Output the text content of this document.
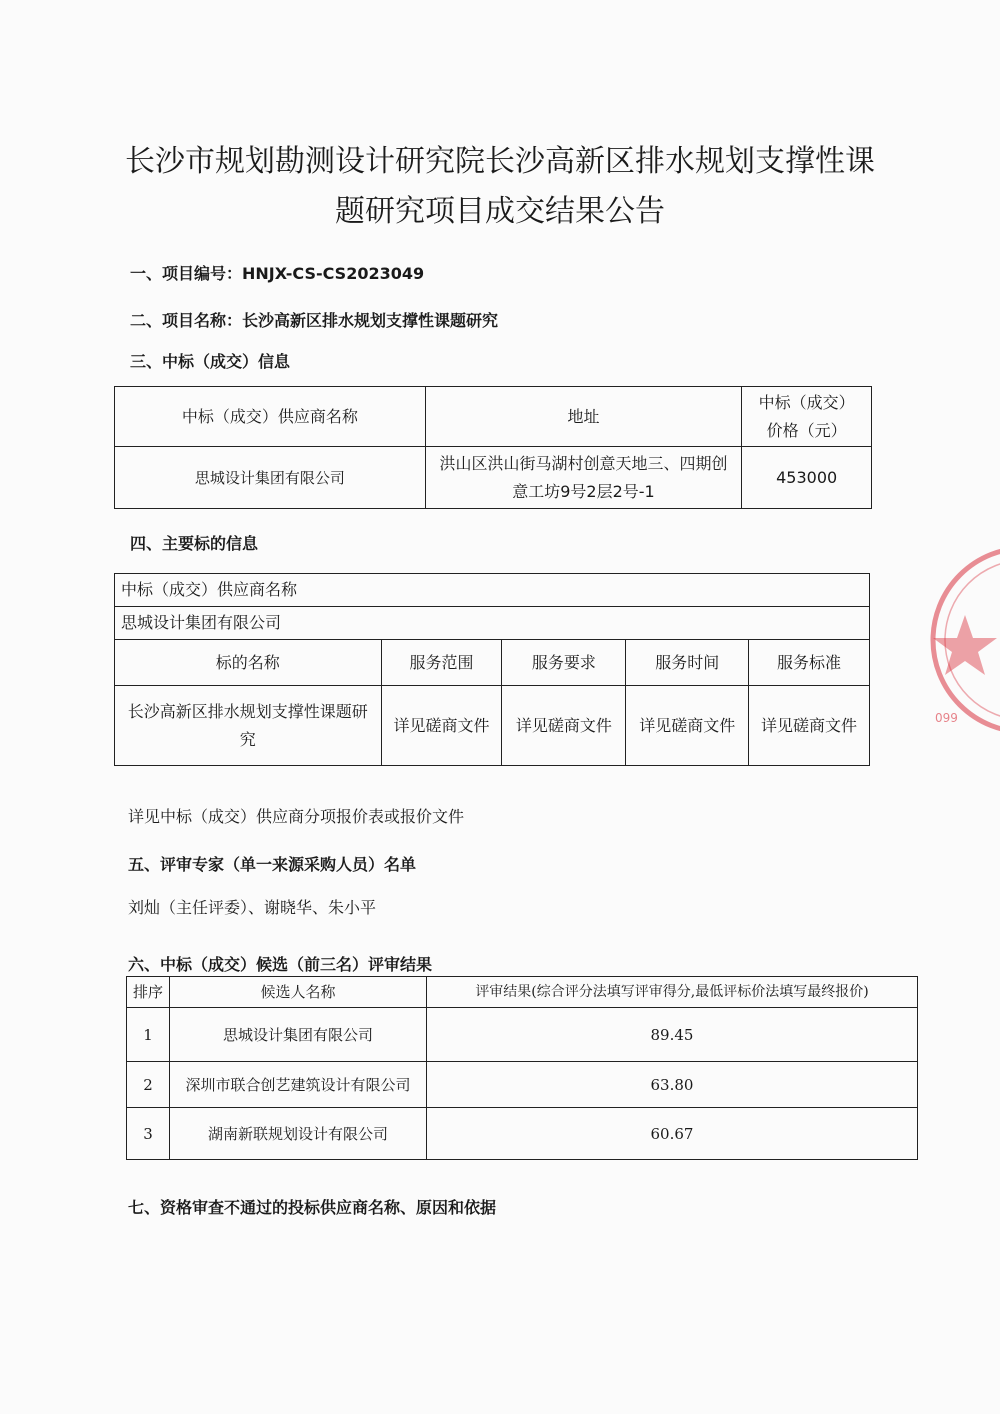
长沙市规划勘测设计研究院长沙高新区排水规划支撑性课
题研究项目成交结果公告
一、项目编号：HNJX-CS-CS2023049
二、项目名称：长沙高新区排水规划支撑性课题研究
三、中标（成交）信息
中标（成交）供应商名称	地址	中标（成交）
价格（元）

思城设计集团有限公司	洪山区洪山街马湖村创意天地三、四期创
意工坊9号2层2号-1	453000
四、主要标的信息
中标（成交）供应商名称				
思城设计集团有限公司				
标的名称	服务范围	服务要求	服务时间	服务标准

长沙高新区排水规划支撑性课题研
究	详见磋商文件	详见磋商文件	详见磋商文件	详见磋商文件
详见中标（成交）供应商分项报价表或报价文件
五、评审专家（单一来源采购人员）名单
刘灿（主任评委）、谢晓华、朱小平
六、中标（成交）候选（前三名）评审结果
排序	候选人名称	评审结果(综合评分法填写评审得分,最低评标价法填写最终报价)
1	思城设计集团有限公司	89.45
2	深圳市联合创艺建筑设计有限公司	63.80
3	湖南新联规划设计有限公司	60.67
七、资格审查不通过的投标供应商名称、原因和依据
099
